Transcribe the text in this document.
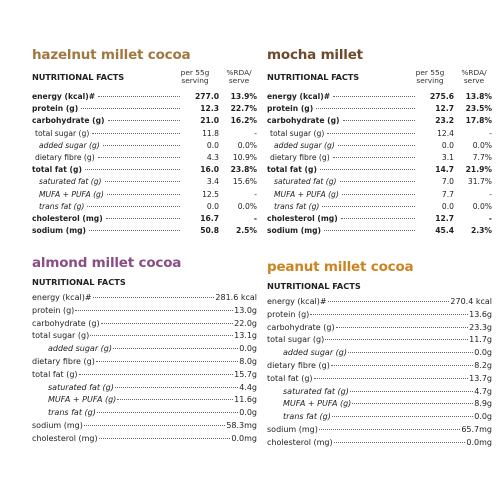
hazelnut millet cocoa
NUTRITIONAL FACTS	per 55g serving
%RDA/ serve
energy (kcal)#	277.0	13.9%
protein (g)	12.3	22.7%
carbohydrate (g)	21.0	16.2%
total sugar (g)	11.8	-
added sugar (g)	0.0	0.0%
dietary fibre (g)	4.3	10.9%
total fat (g)	16.0	23.8%
saturated fat (g)	3.4	15.6%
MUFA + PUFA (g)	12.5	-
trans fat (g)	0.0	0.0%
cholesterol (mg)	16.7	-
sodium (mg)	50.8	2.5%
mocha millet
NUTRITIONAL FACTS	per 55g serving
%RDA/ serve
energy (kcal)#	275.6	13.8%
protein (g)	12.7	23.5%
carbohydrate (g)	23.2	17.8%
total sugar (g)	12.4	-
added sugar (g)	0.0	0.0%
dietary fibre (g)	3.1	7.7%
total fat (g)	14.7	21.9%
saturated fat (g)	7.0	31.7%
MUFA + PUFA (g)	7.7	-
trans fat (g)	0.0	0.0%
cholesterol (mg)	12.7	-
sodium (mg)	45.4	2.3%
almond millet cocoa
NUTRITIONAL FACTS
energy (kcal)#	281.6 kcal
protein (g)	13.0g
carbohydrate (g)	22.0g
total sugar (g)	13.1g
added sugar (g)	0.0g
dietary fibre (g)	8.0g
total fat (g)	15.7g
saturated fat (g)	4.4g
MUFA + PUFA (g)	11.6g
trans fat (g)	0.0g
sodium (mg)	58.3mg
cholesterol (mg)	0.0mg
peanut millet cocoa
NUTRITIONAL FACTS
energy (kcal)#	270.4 kcal
protein (g)	13.6g
carbohydrate (g)	23.3g
total sugar (g)	11.7g
added sugar (g)	0.0g
dietary fibre (g)	8.2g
total fat (g)	13.7g
saturated fat (g)	4.7g
MUFA + PUFA (g)	8.9g
trans fat (g)	0.0g
sodium (mg)	65.7mg
cholesterol (mg)	0.0mg
